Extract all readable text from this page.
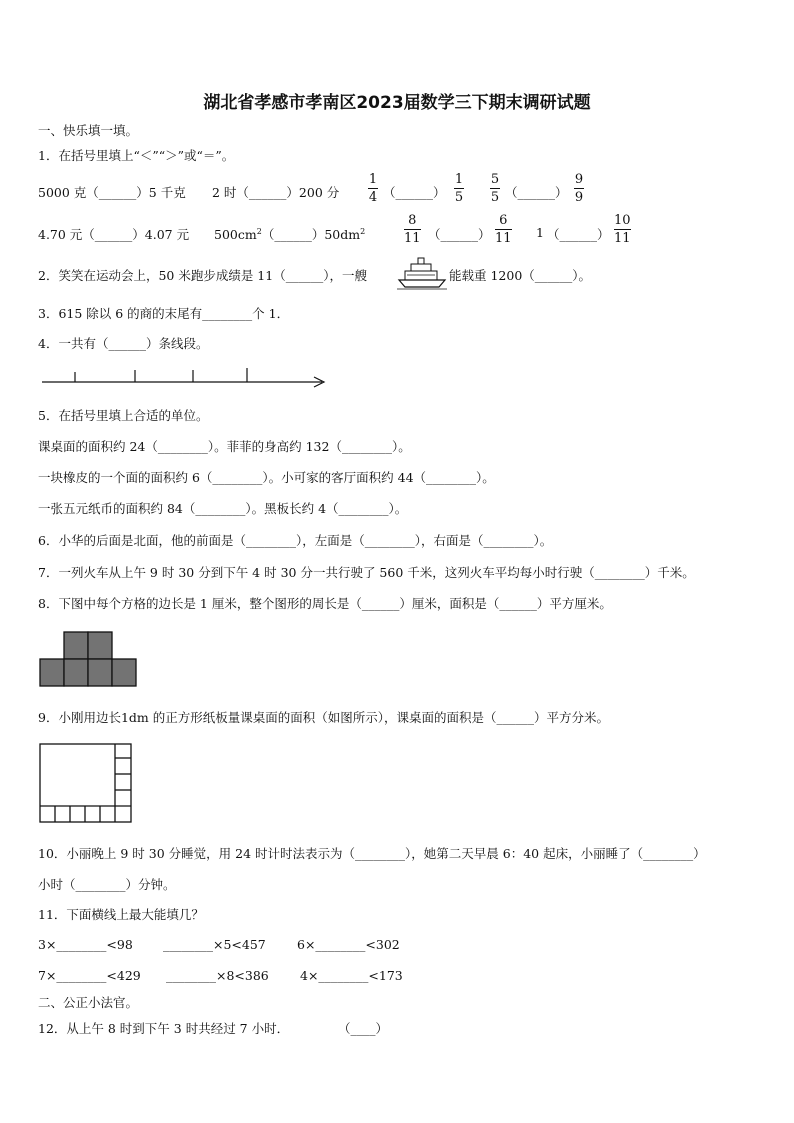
湖北省孝感市孝南区2023届数学三下期末调研试题
一、快乐填一填。
1．在括号里填上“＜”“＞”或“＝”。
5000 克（______）5 千克 2 时（______）200 分
1
4 （______）
1
5
5
5 （______）
9
9
4.70 元（______）4.07 元 $500cm^2(\_\_\_\_\_\_)50dm^2$
8
11 （______）
6
11 1 （______）
10
11
2．笑笑在运动会上，50 米跑步成绩是 11（______），一艘	能载重 1200（______）。
3．615 除以 6 的商的末尾有________个 1．
4．一共有（______）条线段。
5．在括号里填上合适的单位。
课桌面的面积约 24（________）。菲菲的身高约 132（________）。
一块橡皮的一个面的面积约 6（________）。小可家的客厅面积约 44（________）。
一张五元纸币的面积约 84（________）。黑板长约 4（________）。
6．小华的后面是北面，他的前面是（________），左面是（________），右面是（________）。
7．一列火车从上午 9 时 30 分到下午 4 时 30 分一共行驶了 560 千米，这列火车平均每小时行驶（________）千米。
8．下图中每个方格的边长是 1 厘米，整个图形的周长是（______）厘米，面积是（______）平方厘米。
9．小刚用边长1dm 的正方形纸板量课桌面的面积（如图所示），课桌面的面积是（______）平方分米。
10．小丽晚上 9 时 30 分睡觉，用 24 时计时法表示为（________），她第二天早晨 6：40 起床，小丽睡了（________）
小时（________）分钟。
11．下面横线上最大能填几？
3×________<98 ________×5<457 6×________<302
7×________<429 ________×8<386 4×________<173
二、公正小法官。
12．从上午 8 时到下午 3 时共经过 7 小时．	（____）
